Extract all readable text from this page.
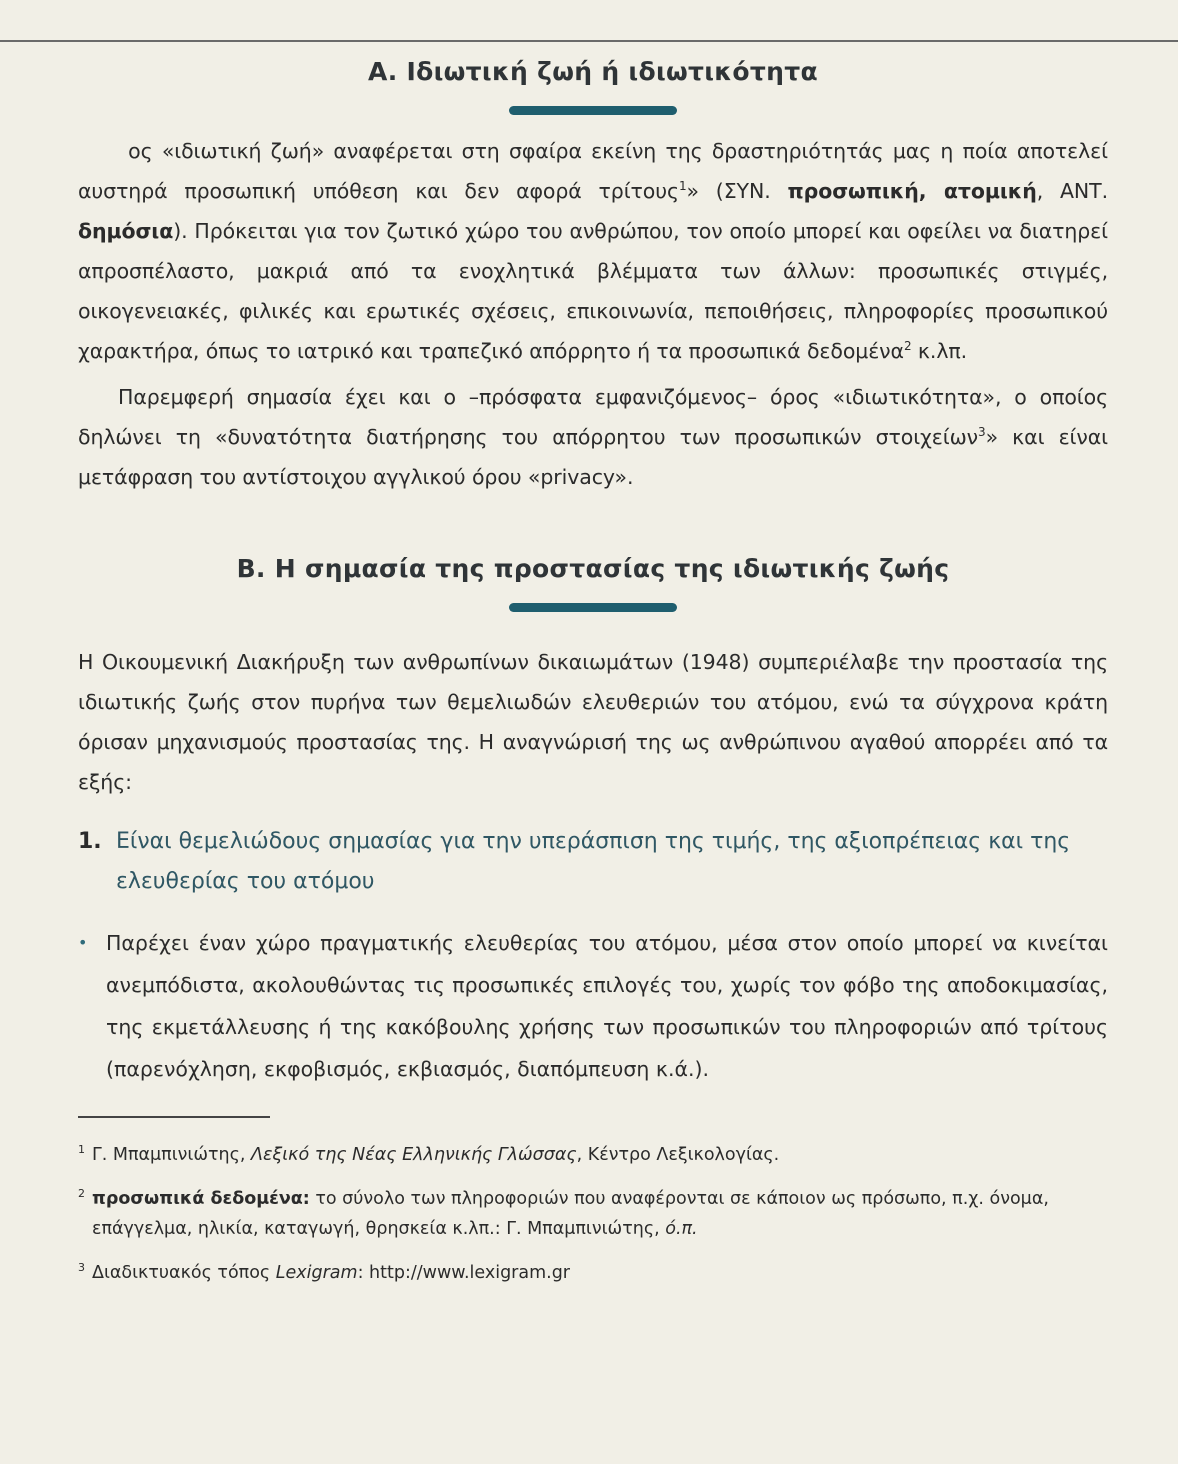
Α. Ιδιωτική ζωή ή ιδιωτικότητα

 ος «ιδιωτική ζωή» αναφέρεται στη σφαίρα εκείνη της δραστηριότητάς μας η ποία αποτελεί αυστηρά προσωπική υπόθεση και δεν αφορά τρίτους$^1$» (ΣΥΝ. προσωπική, ατομική, ΑΝΤ. δημόσια). Πρόκειται για τον ζωτικό χώρο του ανθρώπου, τον οποίο μπορεί και οφείλει να διατηρεί απροσπέλαστο, μακριά από τα ενοχλητικά βλέμματα των άλλων: προσωπικές στιγμές, οικογενειακές, φιλικές και ερωτικές σχέσεις, επικοινωνία, πεποιθήσεις, πληροφορίες προσωπικού χαρακτήρα, όπως το ιατρικό και τραπεζικό απόρρητο ή τα προσωπικά δεδομένα$^2$ κ.λπ.

Παρεμφερή σημασία έχει και ο –πρόσφατα εμφανιζόμενος– όρος «ιδιωτικότητα», ο οποίος δηλώνει τη «δυνατότητα διατήρησης του απόρρητου των προσωπικών στοιχείων$^3$» και είναι μετάφραση του αντίστοιχου αγγλικού όρου «privacy».

Β. Η σημασία της προστασίας της ιδιωτικής ζωής

Η Οικουμενική Διακήρυξη των ανθρωπίνων δικαιωμάτων (1948) συμπεριέλαβε την προστασία της ιδιωτικής ζωής στον πυρήνα των θεμελιωδών ελευθεριών του ατόμου, ενώ τα σύγχρονα κράτη όρισαν μηχανισμούς προστασίας της. Η αναγνώρισή της ως ανθρώπινου αγαθού απορρέει από τα εξής:

1. Είναι θεμελιώδους σημασίας για την υπεράσπιση της τιμής, της αξιοπρέπειας και της ελευθερίας του ατόμου
• Παρέχει έναν χώρο πραγματικής ελευθερίας του ατόμου, μέσα στον οποίο μπορεί να κινείται ανεμπόδιστα, ακολουθώντας τις προσωπικές επιλογές του, χωρίς τον φόβο της αποδοκιμασίας, της εκμετάλλευσης ή της κακόβουλης χρήσης των προσωπικών του πληροφοριών από τρίτους (παρενόχληση, εκφοβισμός, εκβιασμός, διαπόμπευση κ.ά.).

1 Γ. Μπαμπινιώτης, Λεξικό της Νέας Ελληνικής Γλώσσας, Κέντρο Λεξικολογίας.

2 προσωπικά δεδομένα: το σύνολο των πληροφοριών που αναφέρονται σε κάποιον ως πρόσωπο, π.χ. όνομα, επάγγελμα, ηλικία, καταγωγή, θρησκεία κ.λπ.: Γ. Μπαμπινιώτης, ό.π.

3 Διαδικτυακός τόπος Lexigram: http://www.lexigram.gr
